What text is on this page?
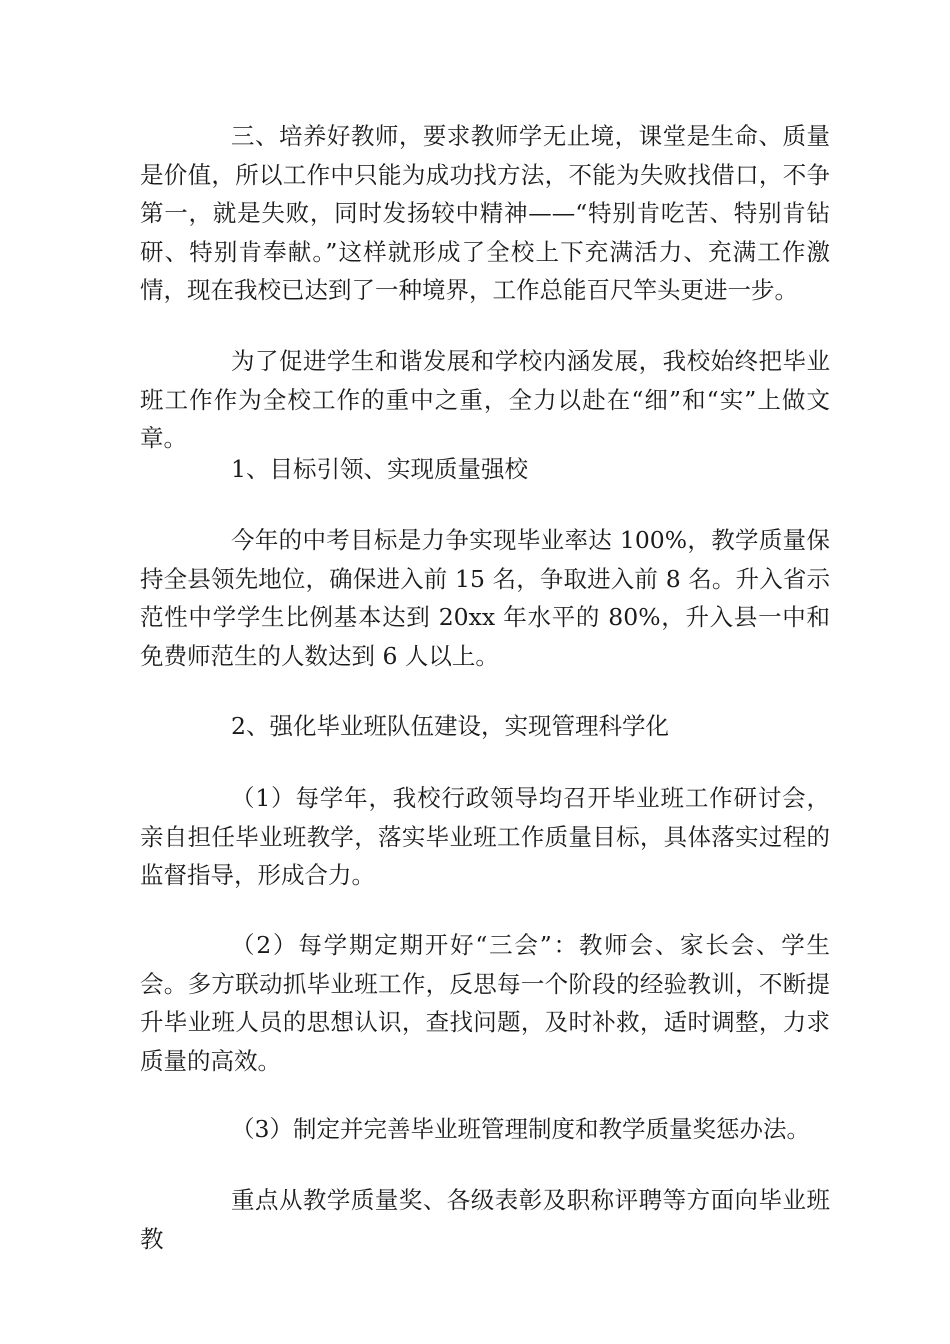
三、培养好教师，要求教师学无止境，课堂是生命、质量是价值，所以工作中只能为成功找方法，不能为失败找借口，不争第一，就是失败，同时发扬较中精神——“特别肯吃苦、特别肯钻研、特别肯奉献。”这样就形成了全校上下充满活力、充满工作激情，现在我校已达到了一种境界，工作总能百尺竿头更进一步。

为了促进学生和谐发展和学校内涵发展，我校始终把毕业班工作作为全校工作的重中之重，全力以赴在“细”和“实”上做文章。

1、目标引领、实现质量强校

今年的中考目标是力争实现毕业率达 100%，教学质量保持全县领先地位，确保进入前 15 名，争取进入前 8 名。升入省示范性中学学生比例基本达到 20xx 年水平的 80%，升入县一中和免费师范生的人数达到 6 人以上。

2、强化毕业班队伍建设，实现管理科学化

（1）每学年，我校行政领导均召开毕业班工作研讨会，亲自担任毕业班教学，落实毕业班工作质量目标，具体落实过程的监督指导，形成合力。

（2）每学期定期开好“三会”：教师会、家长会、学生会。多方联动抓毕业班工作，反思每一个阶段的经验教训，不断提升毕业班人员的思想认识，查找问题，及时补救，适时调整，力求质量的高效。

（3）制定并完善毕业班管理制度和教学质量奖惩办法。

重点从教学质量奖、各级表彰及职称评聘等方面向毕业班教
